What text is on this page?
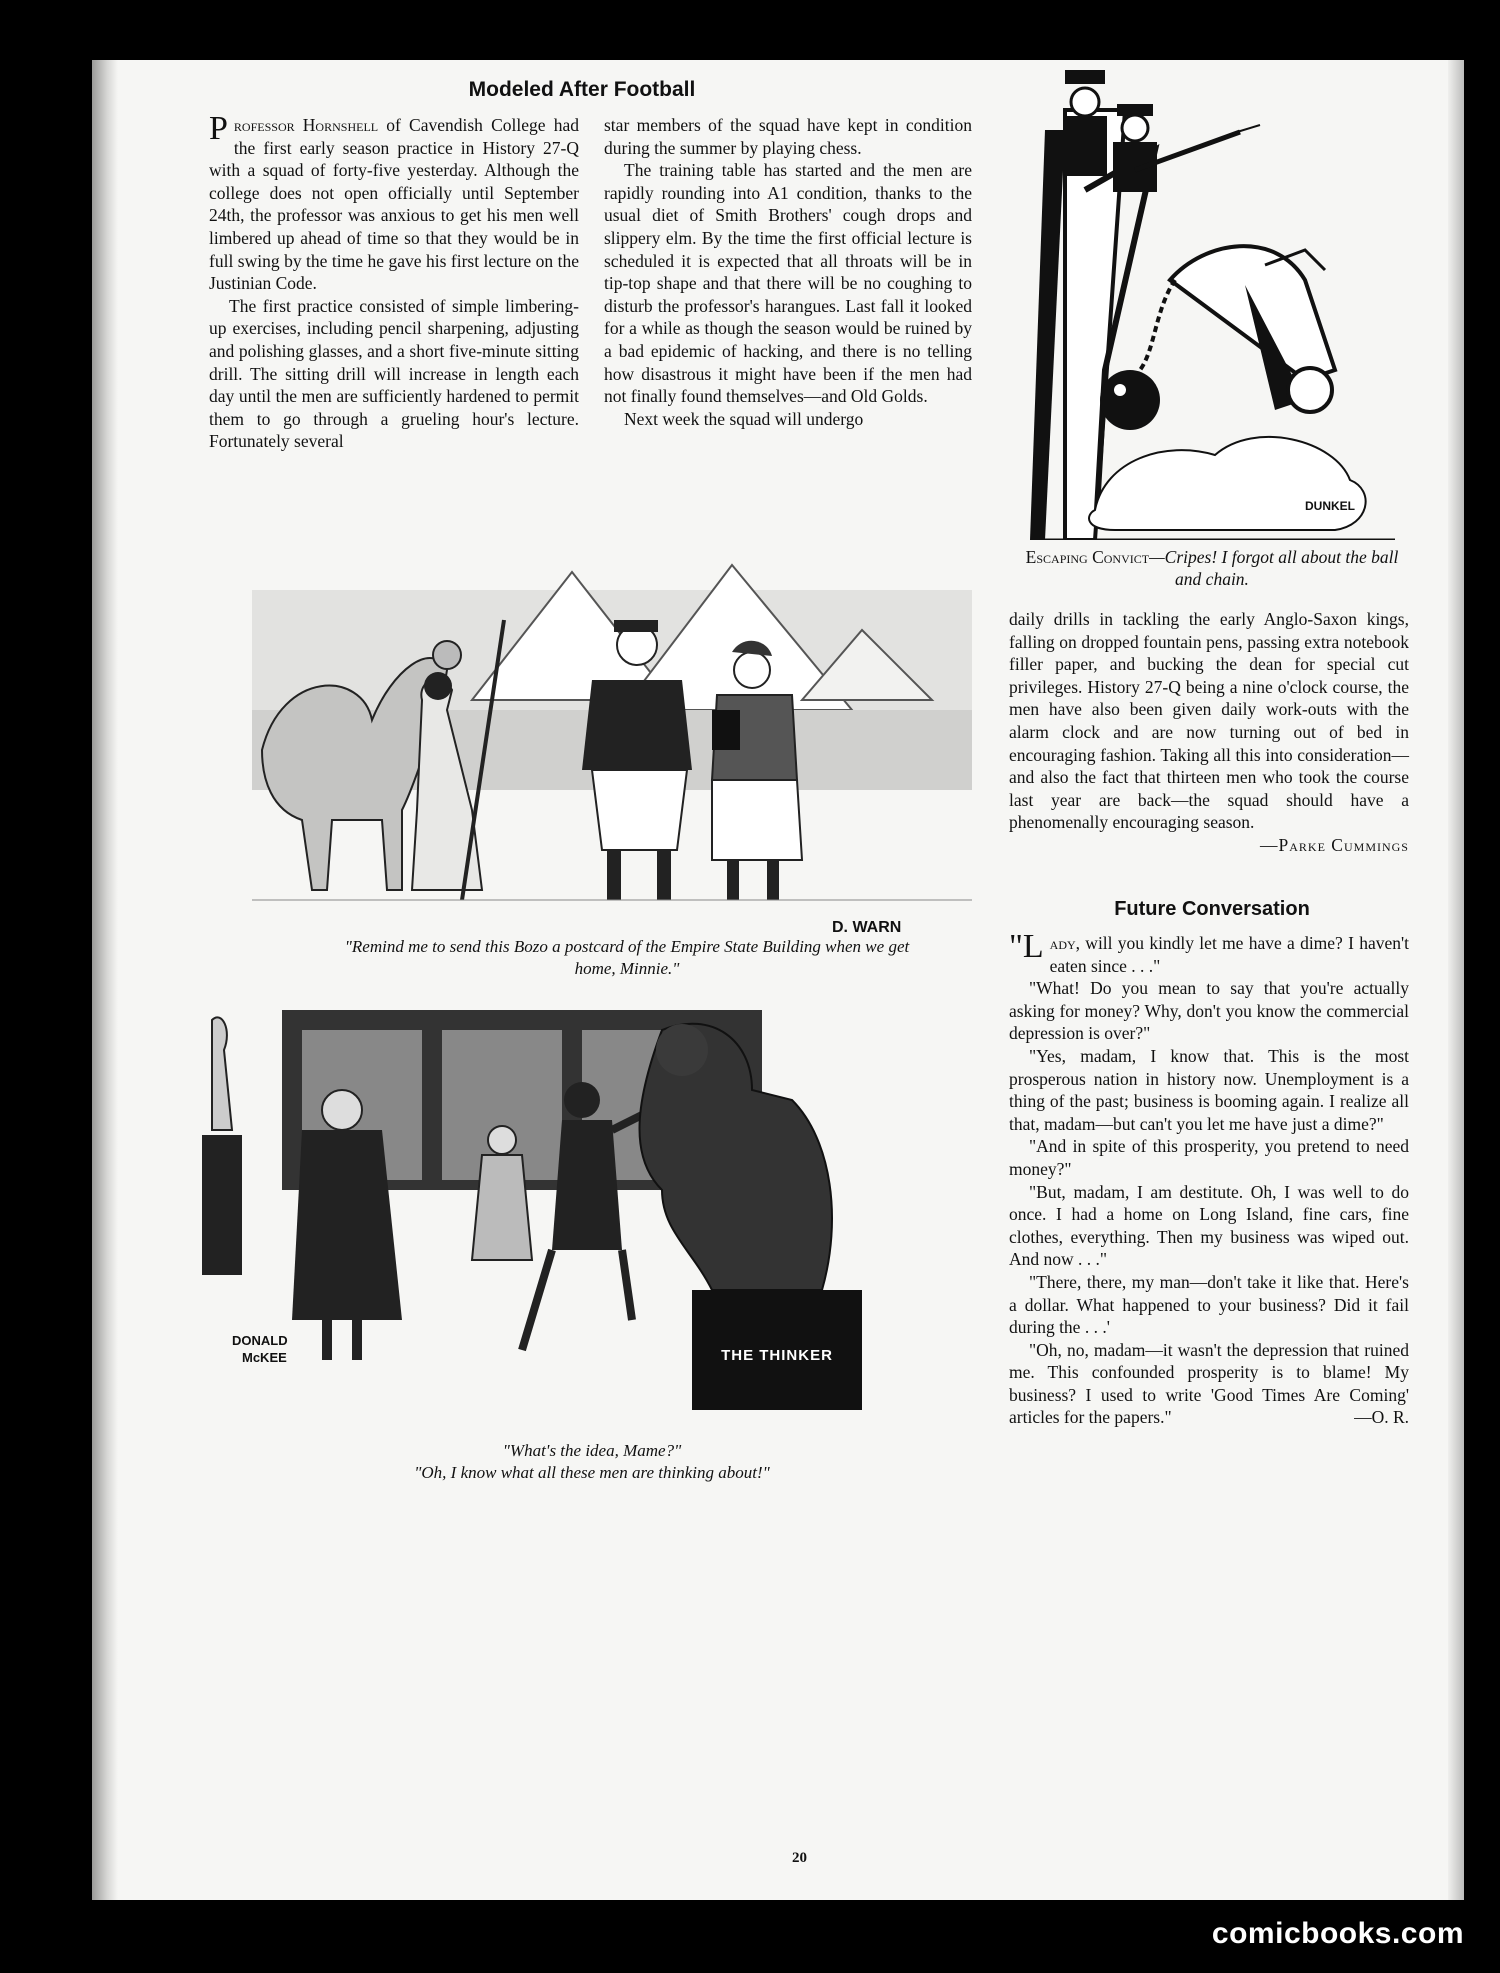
Modeled After Football

Professor Hornshell of Cavendish College had the first early season practice in History 27-Q with a squad of forty-five yesterday. Although the college does not open officially until September 24th, the professor was anxious to get his men well limbered up ahead of time so that they would be in full swing by the time he gave his first lecture on the Justinian Code.

The first practice consisted of simple limbering-up exercises, including pencil sharpening, adjusting and polishing glasses, and a short five-minute sitting drill. The sitting drill will increase in length each day until the men are sufficiently hardened to permit them to go through a grueling hour's lecture. Fortunately several

star members of the squad have kept in condition during the summer by playing chess.

The training table has started and the men are rapidly rounding into A1 condition, thanks to the usual diet of Smith Brothers' cough drops and slippery elm. By the time the first official lecture is scheduled it is expected that all throats will be in tip-top shape and that there will be no coughing to disturb the professor's harangues. Last fall it looked for a while as though the season would be ruined by a bad epidemic of hacking, and there is no telling how disastrous it might have been if the men had not finally found themselves—and Old Golds.

Next week the squad will undergo

DUNKEL
Escaping Convict—Cripes! I forgot all about the ball and chain.

daily drills in tackling the early Anglo-Saxon kings, falling on dropped fountain pens, passing extra notebook filler paper, and bucking the dean for special cut privileges. History 27-Q being a nine o'clock course, the men have also been given daily work-outs with the alarm clock and are now turning out of bed in encouraging fashion. Taking all this into consideration—and also the fact that thirteen men who took the course last year are back—the squad should have a phenomenally encouraging season.

—Parke Cummings
D. WARN
"Remind me to send this Bozo a postcard of the Empire State Building when we get home, Minnie."
THE THINKER
DONALD
McKEE
"What's the idea, Mame?"
"Oh, I know what all these men are thinking about!"
Future Conversation

"Lady, will you kindly let me have a dime? I haven't eaten since . . ."

"What! Do you mean to say that you're actually asking for money? Why, don't you know the commercial depression is over?"

"Yes, madam, I know that. This is the most prosperous nation in history now. Unemployment is a thing of the past; business is booming again. I realize all that, madam—but can't you let me have just a dime?"

"And in spite of this prosperity, you pretend to need money?"

"But, madam, I am destitute. Oh, I was well to do once. I had a home on Long Island, fine cars, fine clothes, everything. Then my business was wiped out. And now . . ."

"There, there, my man—don't take it like that. Here's a dollar. What happened to your business? Did it fail during the . . .'

"Oh, no, madam—it wasn't the depression that ruined me. This confounded prosperity is to blame! My business? I used to write 'Good Times Are Coming' articles for the papers."	—O. R.

20
comicbooks.com
